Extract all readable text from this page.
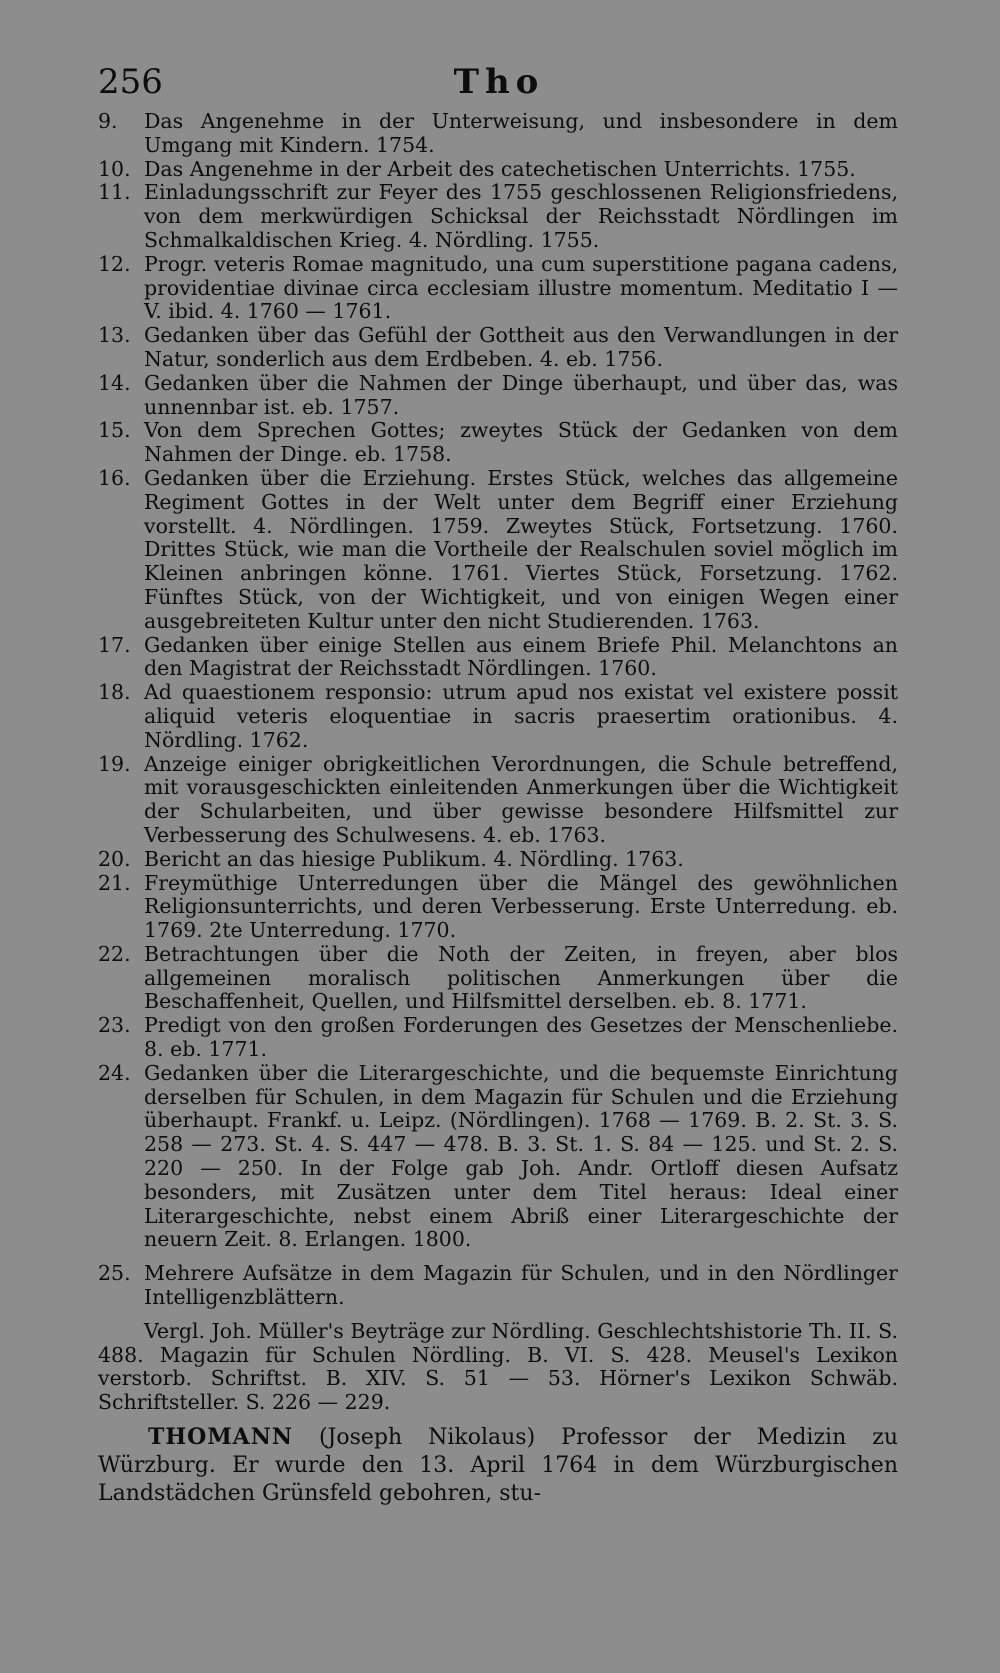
256	Tho

9.	Das Angenehme in der Unterweisung, und insbesondere in dem Umgang mit Kindern. 1754.

10. Das Angenehme in der Arbeit des catechetischen Unterrichts. 1755.

11. Einladungsschrift zur Feyer des 1755 geschlossenen Religionsfriedens, von dem merkwürdigen Schicksal der Reichsstadt Nördlingen im Schmalkaldischen Krieg. 4. Nördling. 1755.

12. Progr. veteris Romae magnitudo, una cum superstitione pagana cadens, providentiae divinae circa ecclesiam illustre momentum. Meditatio I — V. ibid. 4. 1760 — 1761.

13. Gedanken über das Gefühl der Gottheit aus den Verwandlungen in der Natur, sonderlich aus dem Erdbeben. 4. eb. 1756.

14. Gedanken über die Nahmen der Dinge überhaupt, und über das, was unnennbar ist. eb. 1757.

15. Von dem Sprechen Gottes; zweytes Stück der Gedanken von dem Nahmen der Dinge. eb. 1758.

16. Gedanken über die Erziehung. Erstes Stück, welches das allgemeine Regiment Gottes in der Welt unter dem Begriff einer Erziehung vorstellt. 4. Nördlingen. 1759. Zweytes Stück, Fortsetzung. 1760. Drittes Stück, wie man die Vortheile der Realschulen soviel möglich im Kleinen anbringen könne. 1761. Viertes Stück, Forsetzung. 1762. Fünftes Stück, von der Wichtigkeit, und von einigen Wegen einer ausgebreiteten Kultur unter den nicht Studierenden. 1763.

17. Gedanken über einige Stellen aus einem Briefe Phil. Melanchtons an den Magistrat der Reichsstadt Nördlingen. 1760.

18. Ad quaestionem responsio: utrum apud nos existat vel existere possit aliquid veteris eloquentiae in sacris praesertim orationibus. 4. Nördling. 1762.

19. Anzeige einiger obrigkeitlichen Verordnungen, die Schule betreffend, mit vorausgeschickten einleitenden Anmerkungen über die Wichtigkeit der Schularbeiten, und über gewisse besondere Hilfsmittel zur Verbesserung des Schulwesens. 4. eb. 1763.

20. Bericht an das hiesige Publikum. 4. Nördling. 1763.

21. Freymüthige Unterredungen über die Mängel des gewöhnlichen Religionsunterrichts, und deren Verbesserung. Erste Unterredung. eb. 1769. 2te Unterredung. 1770.

22. Betrachtungen über die Noth der Zeiten, in freyen, aber blos allgemeinen moralisch politischen Anmerkungen über die Beschaffenheit, Quellen, und Hilfsmittel derselben. eb. 8. 1771.

23. Predigt von den großen Forderungen des Gesetzes der Menschenliebe. 8. eb. 1771.

24. Gedanken über die Literargeschichte, und die bequemste Einrichtung derselben für Schulen, in dem Magazin für Schulen und die Erziehung überhaupt. Frankf. u. Leipz. (Nördlingen). 1768 — 1769. B. 2. St. 3. S. 258 — 273. St. 4. S. 447 — 478. B. 3. St. 1. S. 84 — 125. und St. 2. S. 220 — 250. In der Folge gab Joh. Andr. Ortloff diesen Aufsatz besonders, mit Zusätzen unter dem Titel heraus: Ideal einer Literargeschichte, nebst einem Abriß einer Literargeschichte der neuern Zeit. 8. Erlangen. 1800.

25. Mehrere Aufsätze in dem Magazin für Schulen, und in den Nördlinger Intelligenzblättern.

Vergl. Joh. Müller's Beyträge zur Nördling. Geschlechtshistorie Th. II. S. 488. Magazin für Schulen Nördling. B. VI. S. 428. Meusel's Lexikon verstorb. Schriftst. B. XIV. S. 51 — 53. Hörner's Lexikon Schwäb. Schriftsteller. S. 226 — 229.

THOMANN (Joseph Nikolaus) Professor der Medizin zu Würzburg. Er wurde den 13. April 1764 in dem Würzburgischen Landstädchen Grünsfeld gebohren, stu-
